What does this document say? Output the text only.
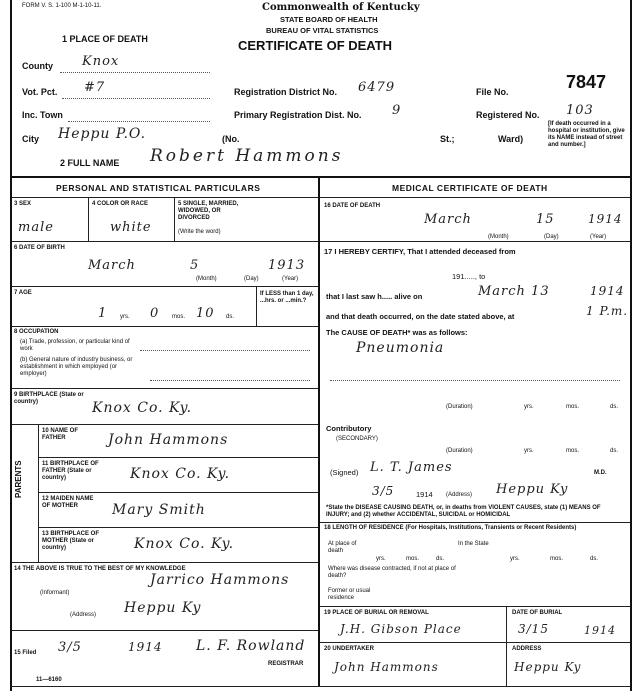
FORM V. S. 1-100 M-1-10-11.	Commonwealth of Kentucky
STATE BOARD OF HEALTH
1 PLACE OF DEATH
BUREAU OF VITAL STATISTICS
CERTIFICATE OF DEATH
County Knox
Vot. Pct. #7	Registration District No. 6479	File No.	7847
Inc. Town	Primary Registration Dist. No. 9	Registered No. 103
City Heppu P.O.	(No.	St.;	Ward)
[If death occurred in a hospital or institution, give its NAME instead of street and number.]
2 FULL NAME Robert Hammons
PERSONAL AND STATISTICAL PARTICULARS
3 SEX
male
4 COLOR OR RACE
white
5 SINGLE, MARRIED, WIDOWED, OR DIVORCED
(Write the word)
6 DATE OF BIRTH
March	5	1913
(Month)	(Day)	(Year)
7 AGE
1 yrs. 0 mos. 10 ds.
If LESS than 1 day, ...hrs. or ...min.?
8 OCCUPATION
(a) Trade, profession, or particular kind of work
(b) General nature of industry business, or establishment in which employed (or employer)
9 BIRTHPLACE (State or country)	Knox Co. Ky.
PARENTS
10 NAME OF FATHER	John Hammons
11 BIRTHPLACE OF FATHER (State or country)	Knox Co. Ky.
12 MAIDEN NAME OF MOTHER	Mary Smith
13 BIRTHPLACE OF MOTHER (State or country)	Knox Co. Ky.
14 THE ABOVE IS TRUE TO THE BEST OF MY KNOWLEDGE
Jarrico Hammons
(Informant)
(Address) Heppu Ky
15 Filed 3/5	1914 L. F. Rowland
REGISTRAR
11—6160
MEDICAL CERTIFICATE OF DEATH
16 DATE OF DEATH
March	15	1914
(Month)	(Day)	(Year)
17 I HEREBY CERTIFY, That I attended deceased from
191....., to
that I last saw h..... alive on	March 13	1914
and that death occurred, on the date stated above, at	1 P.m.
The CAUSE OF DEATH* was as follows:
Pneumonia
(Duration)	yrs.	mos.	ds.
Contributory
(SECONDARY)
(Duration)	yrs.	mos.	ds.
(Signed) L. T. James	M.D.
3/5	1914 (Address) Heppu Ky
*State the DISEASE CAUSING DEATH, or, in deaths from VIOLENT CAUSES, state (1) MEANS OF INJURY; and (2) whether ACCIDENTAL, SUICIDAL or HOMICIDAL
18 LENGTH OF RESIDENCE (For Hospitals, Institutions, Transients or Recent Residents)
At place of death
yrs.	mos.	ds.
In the State
yrs.	mos.	ds.
Where was disease contracted, if not at place of death?
Former or usual residence
19 PLACE OF BURIAL OR REMOVAL
J.H. Gibson Place
DATE OF BURIAL
3/15	1914
20 UNDERTAKER
John Hammons
ADDRESS
Heppu Ky
